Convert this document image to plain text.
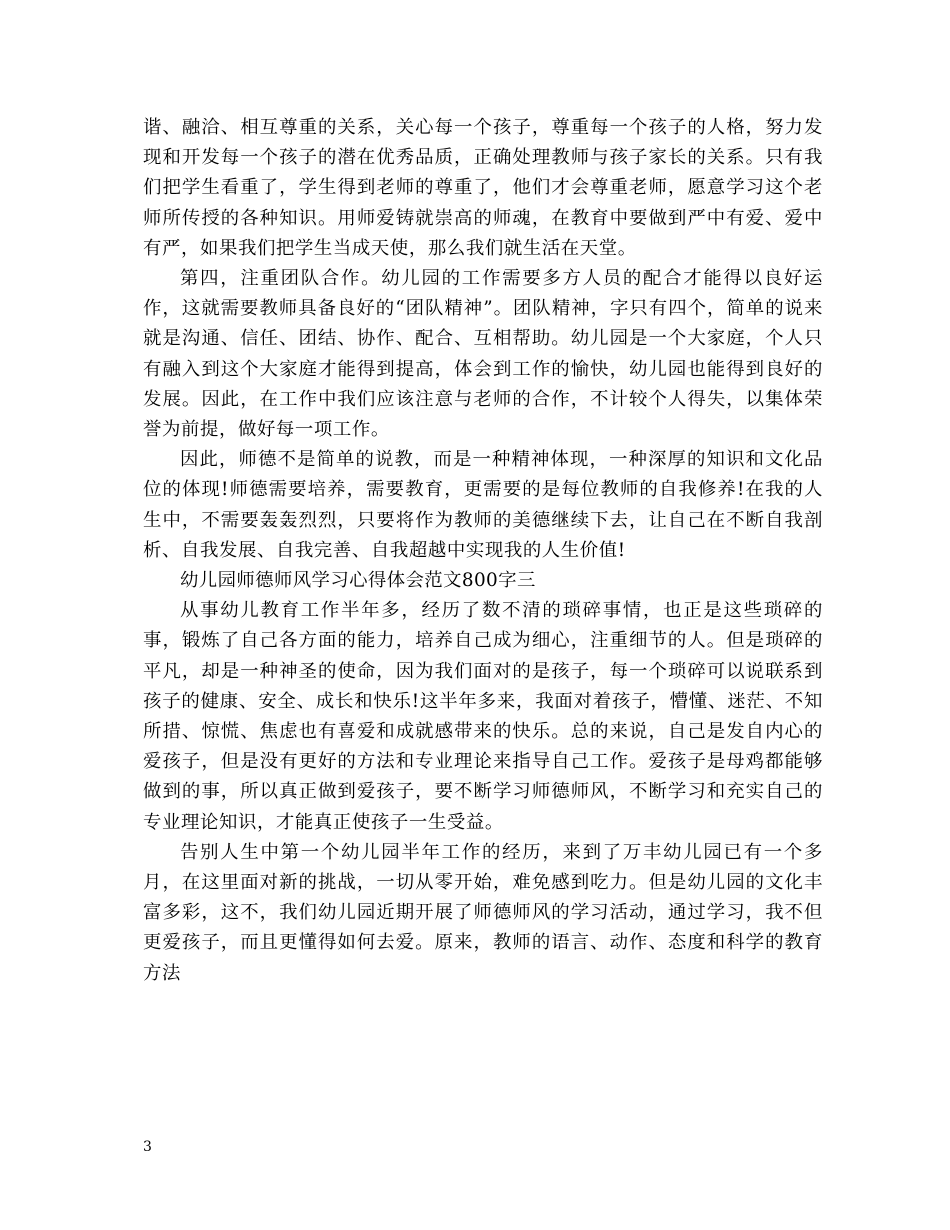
谐、融洽、相互尊重的关系，关心每一个孩子，尊重每一个孩子的人格，努力发现和开发每一个孩子的潜在优秀品质，正确处理教师与孩子家长的关系。只有我们把学生看重了，学生得到老师的尊重了，他们才会尊重老师，愿意学习这个老师所传授的各种知识。用师爱铸就崇高的师魂，在教育中要做到严中有爱、爱中有严，如果我们把学生当成天使，那么我们就生活在天堂。

第四，注重团队合作。幼儿园的工作需要多方人员的配合才能得以良好运作，这就需要教师具备良好的“团队精神”。团队精神，字只有四个，简单的说来就是沟通、信任、团结、协作、配合、互相帮助。幼儿园是一个大家庭，个人只有融入到这个大家庭才能得到提高，体会到工作的愉快，幼儿园也能得到良好的发展。因此，在工作中我们应该注意与老师的合作，不计较个人得失，以集体荣誉为前提，做好每一项工作。

因此，师德不是简单的说教，而是一种精神体现，一种深厚的知识和文化品位的体现!师德需要培养，需要教育，更需要的是每位教师的自我修养!在我的人生中，不需要轰轰烈烈，只要将作为教师的美德继续下去，让自己在不断自我剖析、自我发展、自我完善、自我超越中实现我的人生价值!

幼儿园师德师风学习心得体会范文800字三

从事幼儿教育工作半年多，经历了数不清的琐碎事情，也正是这些琐碎的事，锻炼了自己各方面的能力，培养自己成为细心，注重细节的人。但是琐碎的平凡，却是一种神圣的使命，因为我们面对的是孩子，每一个琐碎可以说联系到孩子的健康、安全、成长和快乐!这半年多来，我面对着孩子，懵懂、迷茫、不知所措、惊慌、焦虑也有喜爱和成就感带来的快乐。总的来说，自己是发自内心的爱孩子，但是没有更好的方法和专业理论来指导自己工作。爱孩子是母鸡都能够做到的事，所以真正做到爱孩子，要不断学习师德师风，不断学习和充实自己的专业理论知识，才能真正使孩子一生受益。

告别人生中第一个幼儿园半年工作的经历，来到了万丰幼儿园已有一个多月，在这里面对新的挑战，一切从零开始，难免感到吃力。但是幼儿园的文化丰富多彩，这不，我们幼儿园近期开展了师德师风的学习活动，通过学习，我不但更爱孩子，而且更懂得如何去爱。原来，教师的语言、动作、态度和科学的教育方法

3
